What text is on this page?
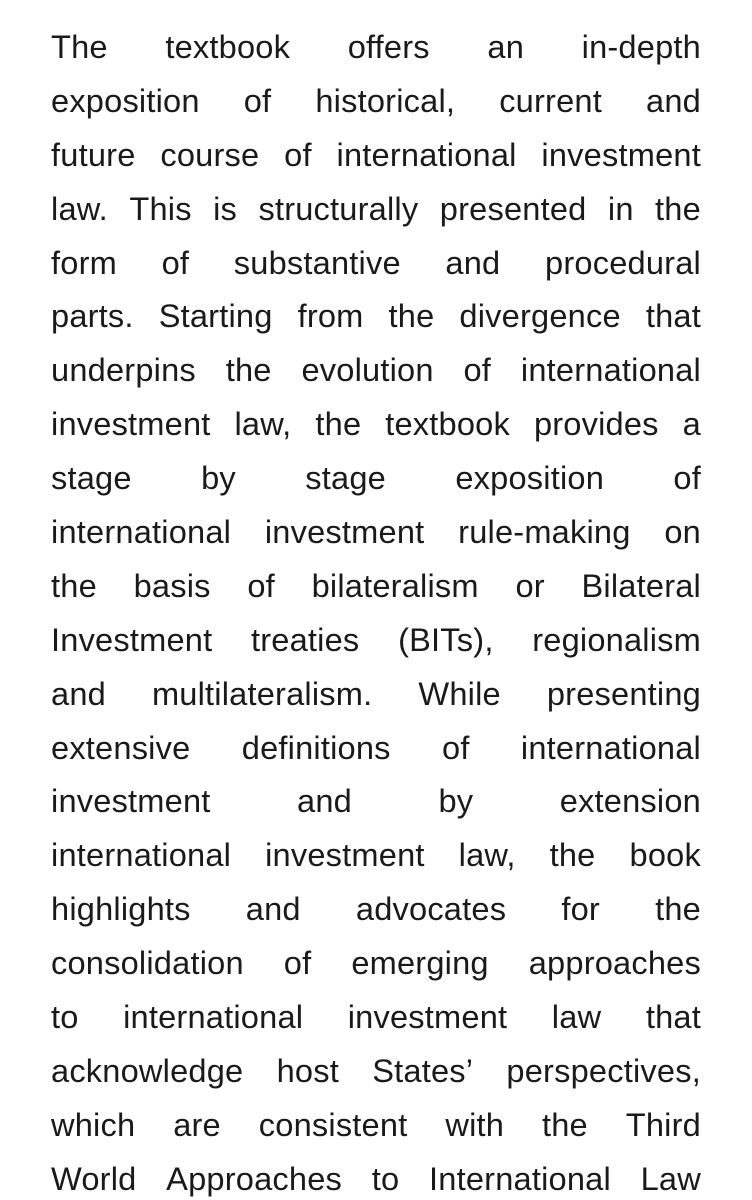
The textbook offers an in-depth
exposition of historical, current and
future course of international investment
law. This is structurally presented in the
form of substantive and procedural
parts. Starting from the divergence that
underpins the evolution of international
investment law, the textbook provides a
stage by stage exposition of
international investment rule-making on
the basis of bilateralism or Bilateral
Investment treaties (BITs), regionalism
and multilateralism. While presenting
extensive definitions of international
investment	and	by	extension
international investment law, the book
highlights and advocates for the
consolidation of emerging approaches
to international investment law that
acknowledge host States’ perspectives,
which are consistent with the Third
World Approaches to International Law
